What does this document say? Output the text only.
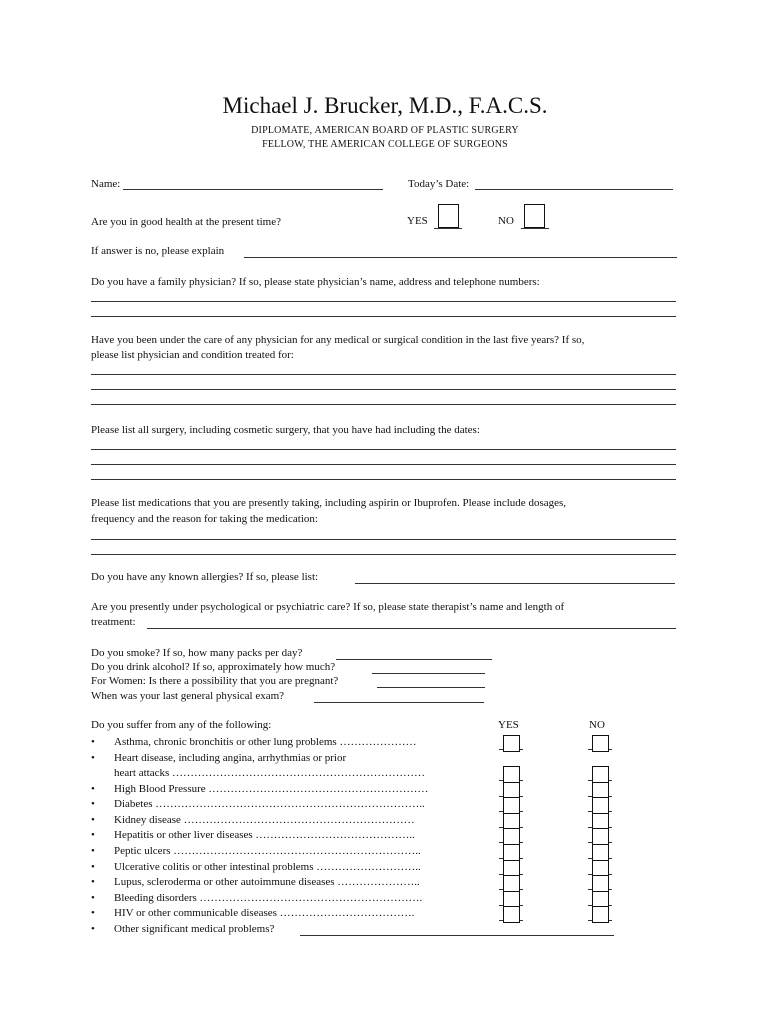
Michael J. Brucker, M.D., F.A.C.S.
DIPLOMATE, AMERICAN BOARD OF PLASTIC SURGERY
FELLOW, THE AMERICAN COLLEGE OF SURGEONS
Name:	Today’s Date:
Are you in good health at the present time?	YES	NO
If answer is no, please explain
Do you have a family physician? If so, please state physician’s name, address and telephone numbers:
Have you been under the care of any physician for any medical or surgical condition in the last five years? If so,
please list physician and condition treated for:
Please list all surgery, including cosmetic surgery, that you have had including the dates:
Please list medications that you are presently taking, including aspirin or Ibuprofen. Please include dosages,
frequency and the reason for taking the medication:
Do you have any known allergies? If so, please list:
Are you presently under psychological or psychiatric care? If so, please state therapist’s name and length of
treatment:
Do you smoke? If so, how many packs per day?
Do you drink alcohol? If so, approximately how much?
For Women: Is there a possibility that you are pregnant?
When was your last general physical exam?
Do you suffer from any of the following:	YES	NO
• Asthma, chronic bronchitis or other lung problems …………………
• Heart disease, including angina, arrhythmias or prior
heart attacks ……………………………………………………………
• High Blood Pressure ……………………………………………………
• Diabetes ………………………………………………………………..
• Kidney disease ………………………………………………………
• Hepatitis or other liver diseases ……………………………………..
• Peptic ulcers …………………………………………………………..
• Ulcerative colitis or other intestinal problems ………………………..
• Lupus, scleroderma or other autoimmune diseases …………………..
• Bleeding disorders …………………………………………………….
• HIV or other communicable diseases ……………………………….
• Other significant medical problems?
